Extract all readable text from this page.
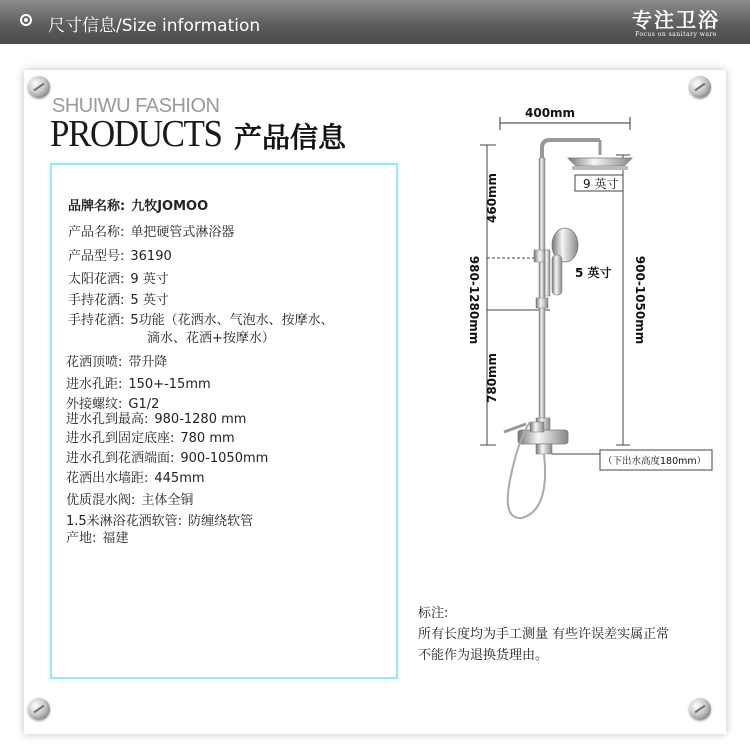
尺寸信息/Size information	专注卫浴
Focus on sanitary ware
SHUIWU FASHION
PRODUCTS 产品信息
品牌名称: 九牧JOMOO
产品名称: 单把硬管式淋浴器
产品型号: 36190
太阳花洒: 9 英寸
手持花洒: 5 英寸
手持花洒: 5功能（花洒水、气泡水、按摩水、
滴水、花洒+按摩水）
花洒顶喷: 带升降
进水孔距: 150+-15mm
外接螺纹: G1/2
进水孔到最高: 980-1280 mm
进水孔到固定底座: 780 mm
进水孔到花洒端面: 900-1050mm
花洒出水墙距: 445mm
优质混水阀: 主体全铜
1.5米淋浴花洒软管: 防缠绕软管
产地: 福建
400mm
460mm
980-1280mm
780mm
900-1050mm
9 英寸
5 英寸
（下出水高度180mm）
标注:
所有长度均为手工测量 有些许误差实属正常
不能作为退换货理由。
